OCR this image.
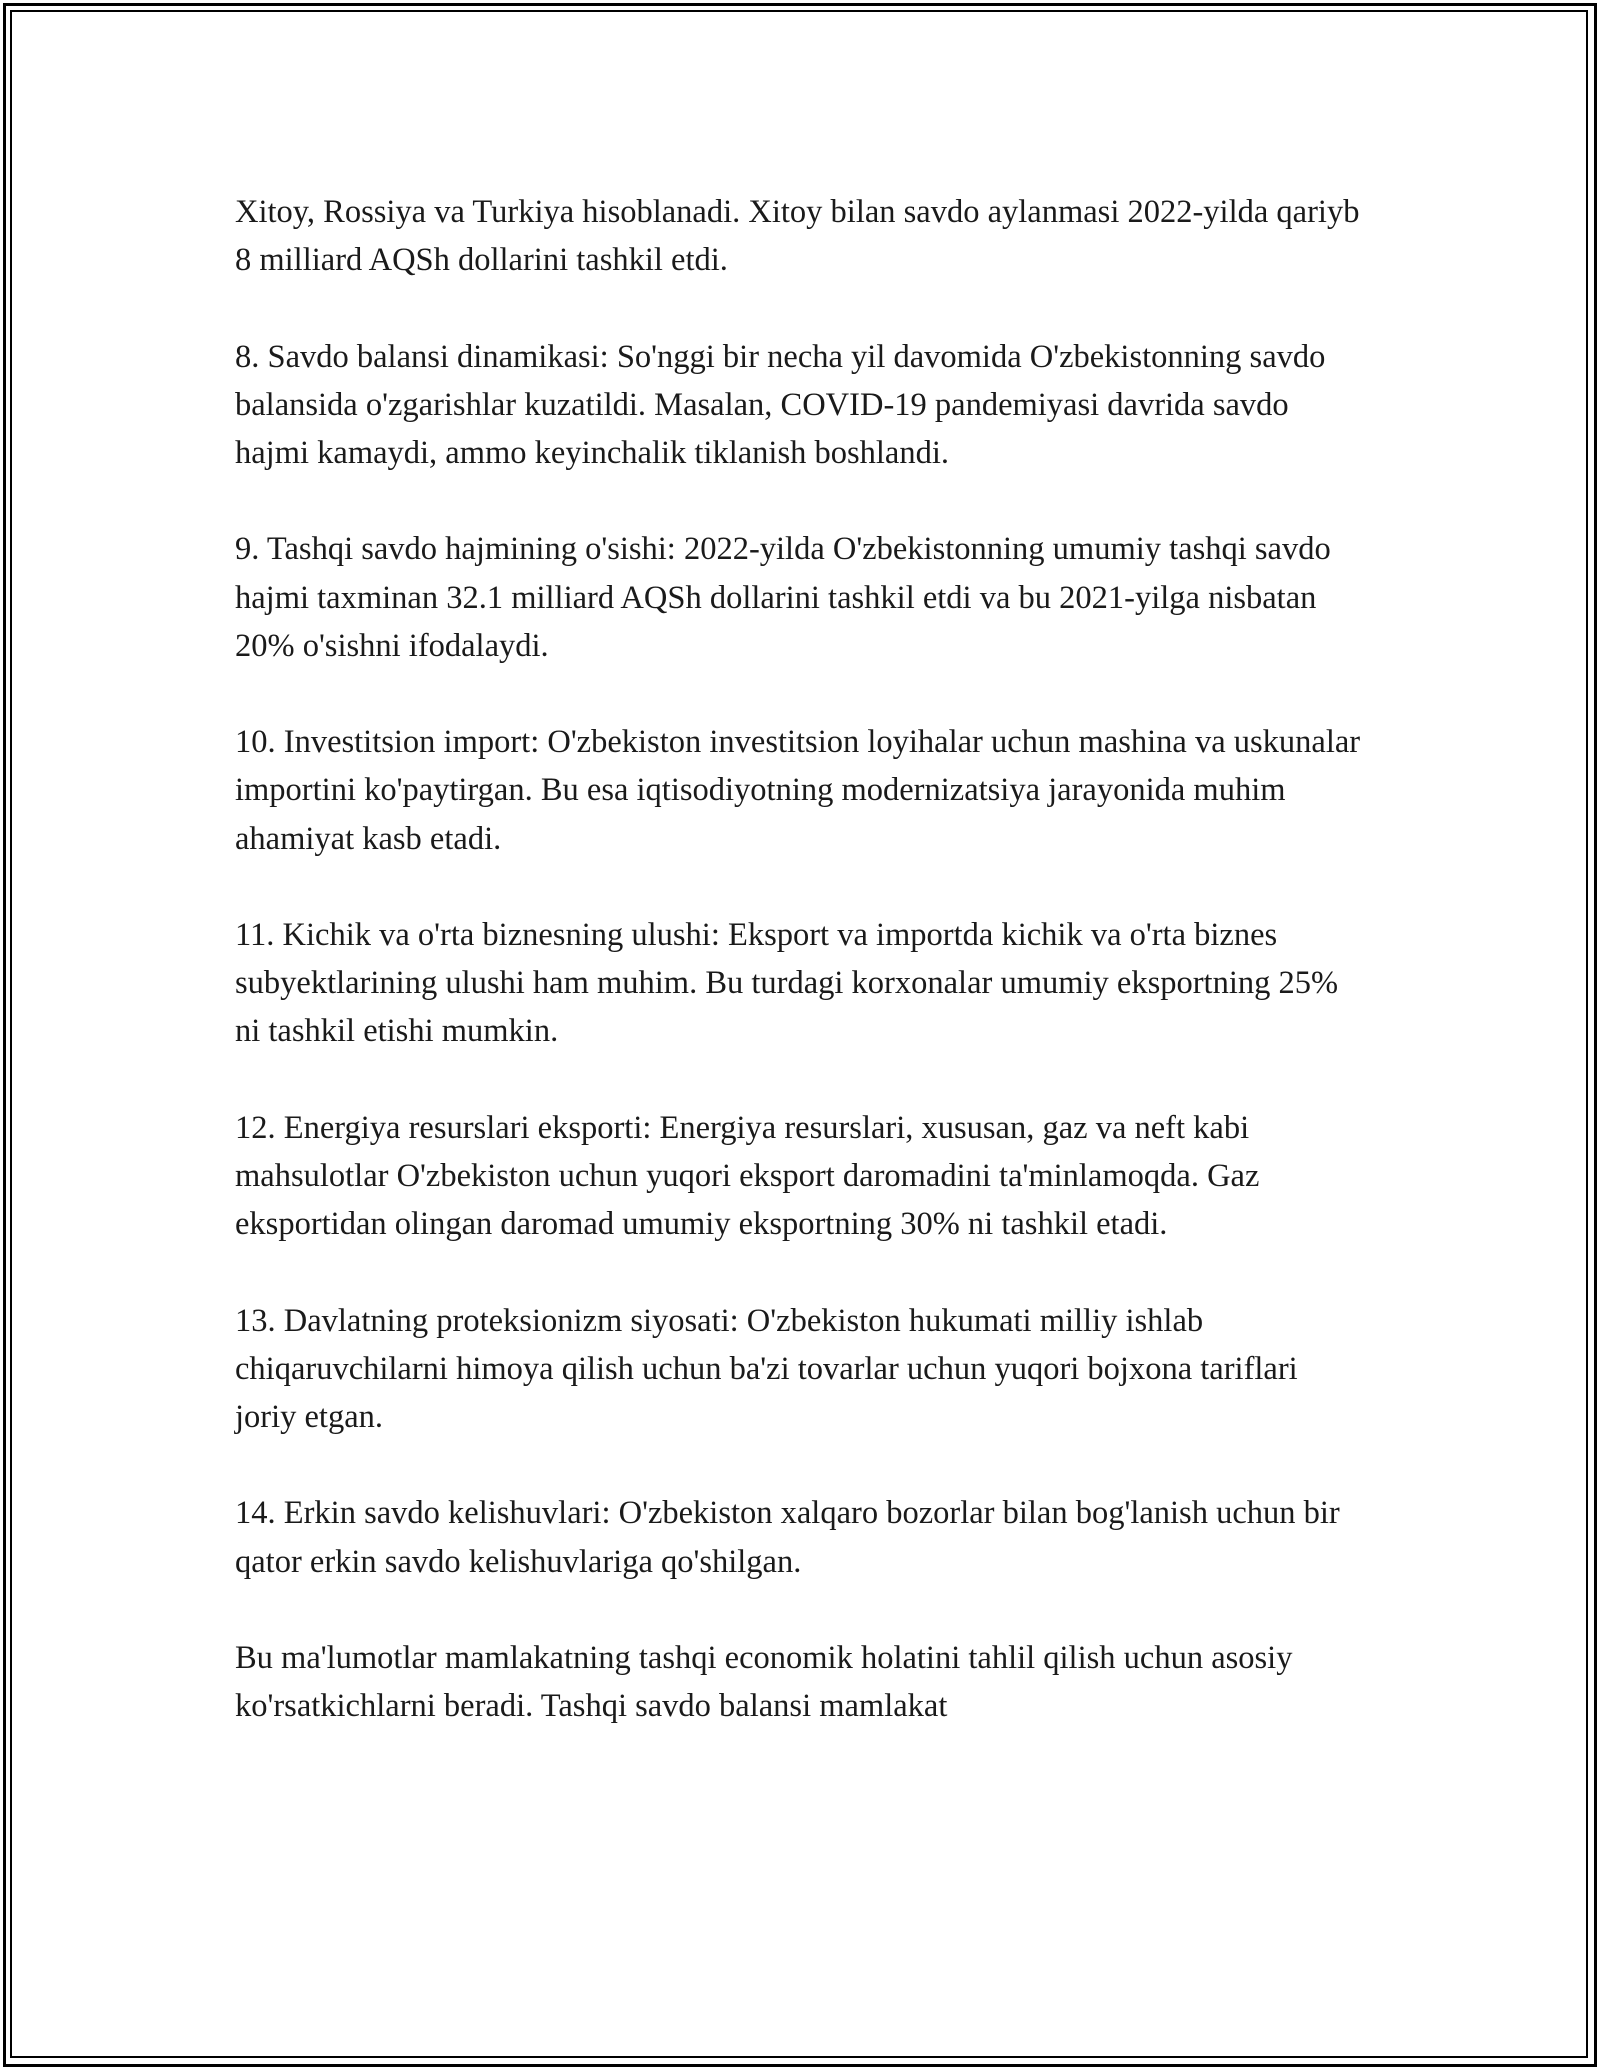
Xitoy, Rossiya va Turkiya hisoblanadi. Xitoy bilan savdo aylanmasi 2022-yilda qariyb 8 milliard AQSh dollarini tashkil etdi.

8. Savdo balansi dinamikasi: So'nggi bir necha yil davomida O'zbekistonning savdo balansida o'zgarishlar kuzatildi. Masalan, COVID-19 pandemiyasi davrida savdo hajmi kamaydi, ammo keyinchalik tiklanish boshlandi.

9. Tashqi savdo hajmining o'sishi: 2022-yilda O'zbekistonning umumiy tashqi savdo hajmi taxminan 32.1 milliard AQSh dollarini tashkil etdi va bu 2021-yilga nisbatan 20% o'sishni ifodalaydi.

10. Investitsion import: O'zbekiston investitsion loyihalar uchun mashina va uskunalar importini ko'paytirgan. Bu esa iqtisodiyotning modernizatsiya jarayonida muhim ahamiyat kasb etadi.

11. Kichik va o'rta biznesning ulushi: Eksport va importda kichik va o'rta biznes subyektlarining ulushi ham muhim. Bu turdagi korxonalar umumiy eksportning 25% ni tashkil etishi mumkin.

12. Energiya resurslari eksporti: Energiya resurslari, xususan, gaz va neft kabi mahsulotlar O'zbekiston uchun yuqori eksport daromadini ta'minlamoqda. Gaz eksportidan olingan daromad umumiy eksportning 30% ni tashkil etadi.

13. Davlatning proteksionizm siyosati: O'zbekiston hukumati milliy ishlab chiqaruvchilarni himoya qilish uchun ba'zi tovarlar uchun yuqori bojxona tariflari joriy etgan.

14. Erkin savdo kelishuvlari: O'zbekiston xalqaro bozorlar bilan bog'lanish uchun bir qator erkin savdo kelishuvlariga qo'shilgan.

Bu ma'lumotlar mamlakatning tashqi economik holatini tahlil qilish uchun asosiy ko'rsatkichlarni beradi. Tashqi savdo balansi mamlakat
